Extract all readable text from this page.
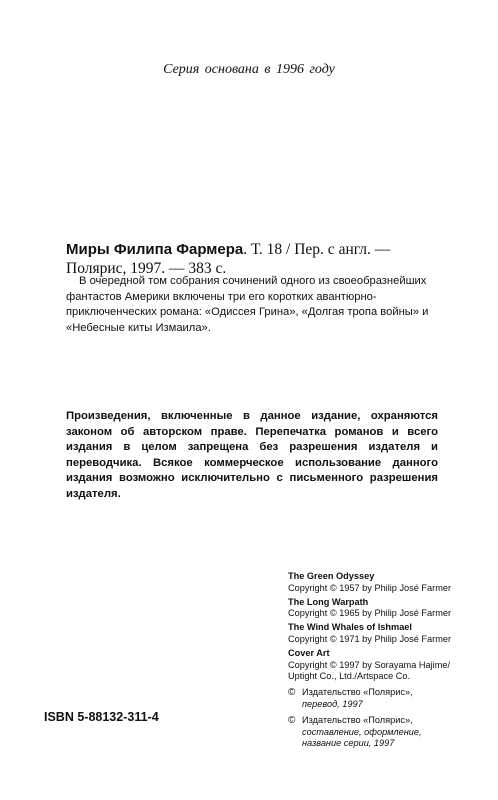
Серия основана в 1996 году
Миры Филипа Фармера. Т. 18 / Пер. с англ. —
Полярис, 1997. — 383 с.
В очередной том собрания сочинений одного из своеобразнейших фантастов Америки включены три его коротких авантюрно-приключенческих романа: «Одиссея Грина», «Долгая тропа войны» и «Небесные киты Измаила».
Произведения, включенные в данное издание, охраняются законом об авторском праве. Перепечатка романов и всего издания в целом запрещена без разрешения издателя и переводчика. Всякое коммерческое использование данного издания возможно исключительно с письменного разрешения издателя.
The Green Odyssey
Copyright © 1957 by Philip José Farmer
The Long Warpath
Copyright © 1965 by Philip José Farmer
The Wind Whales of Ishmael
Copyright © 1971 by Philip José Farmer
Cover Art
Copyright © 1997 by Sorayama Hajime/
Uptight Co., Ltd./Artspace Co.
© Издательство «Полярис»,
перевод, 1997
© Издательство «Полярис»,
составление, оформление,
название серии, 1997
ISBN 5-88132-311-4
